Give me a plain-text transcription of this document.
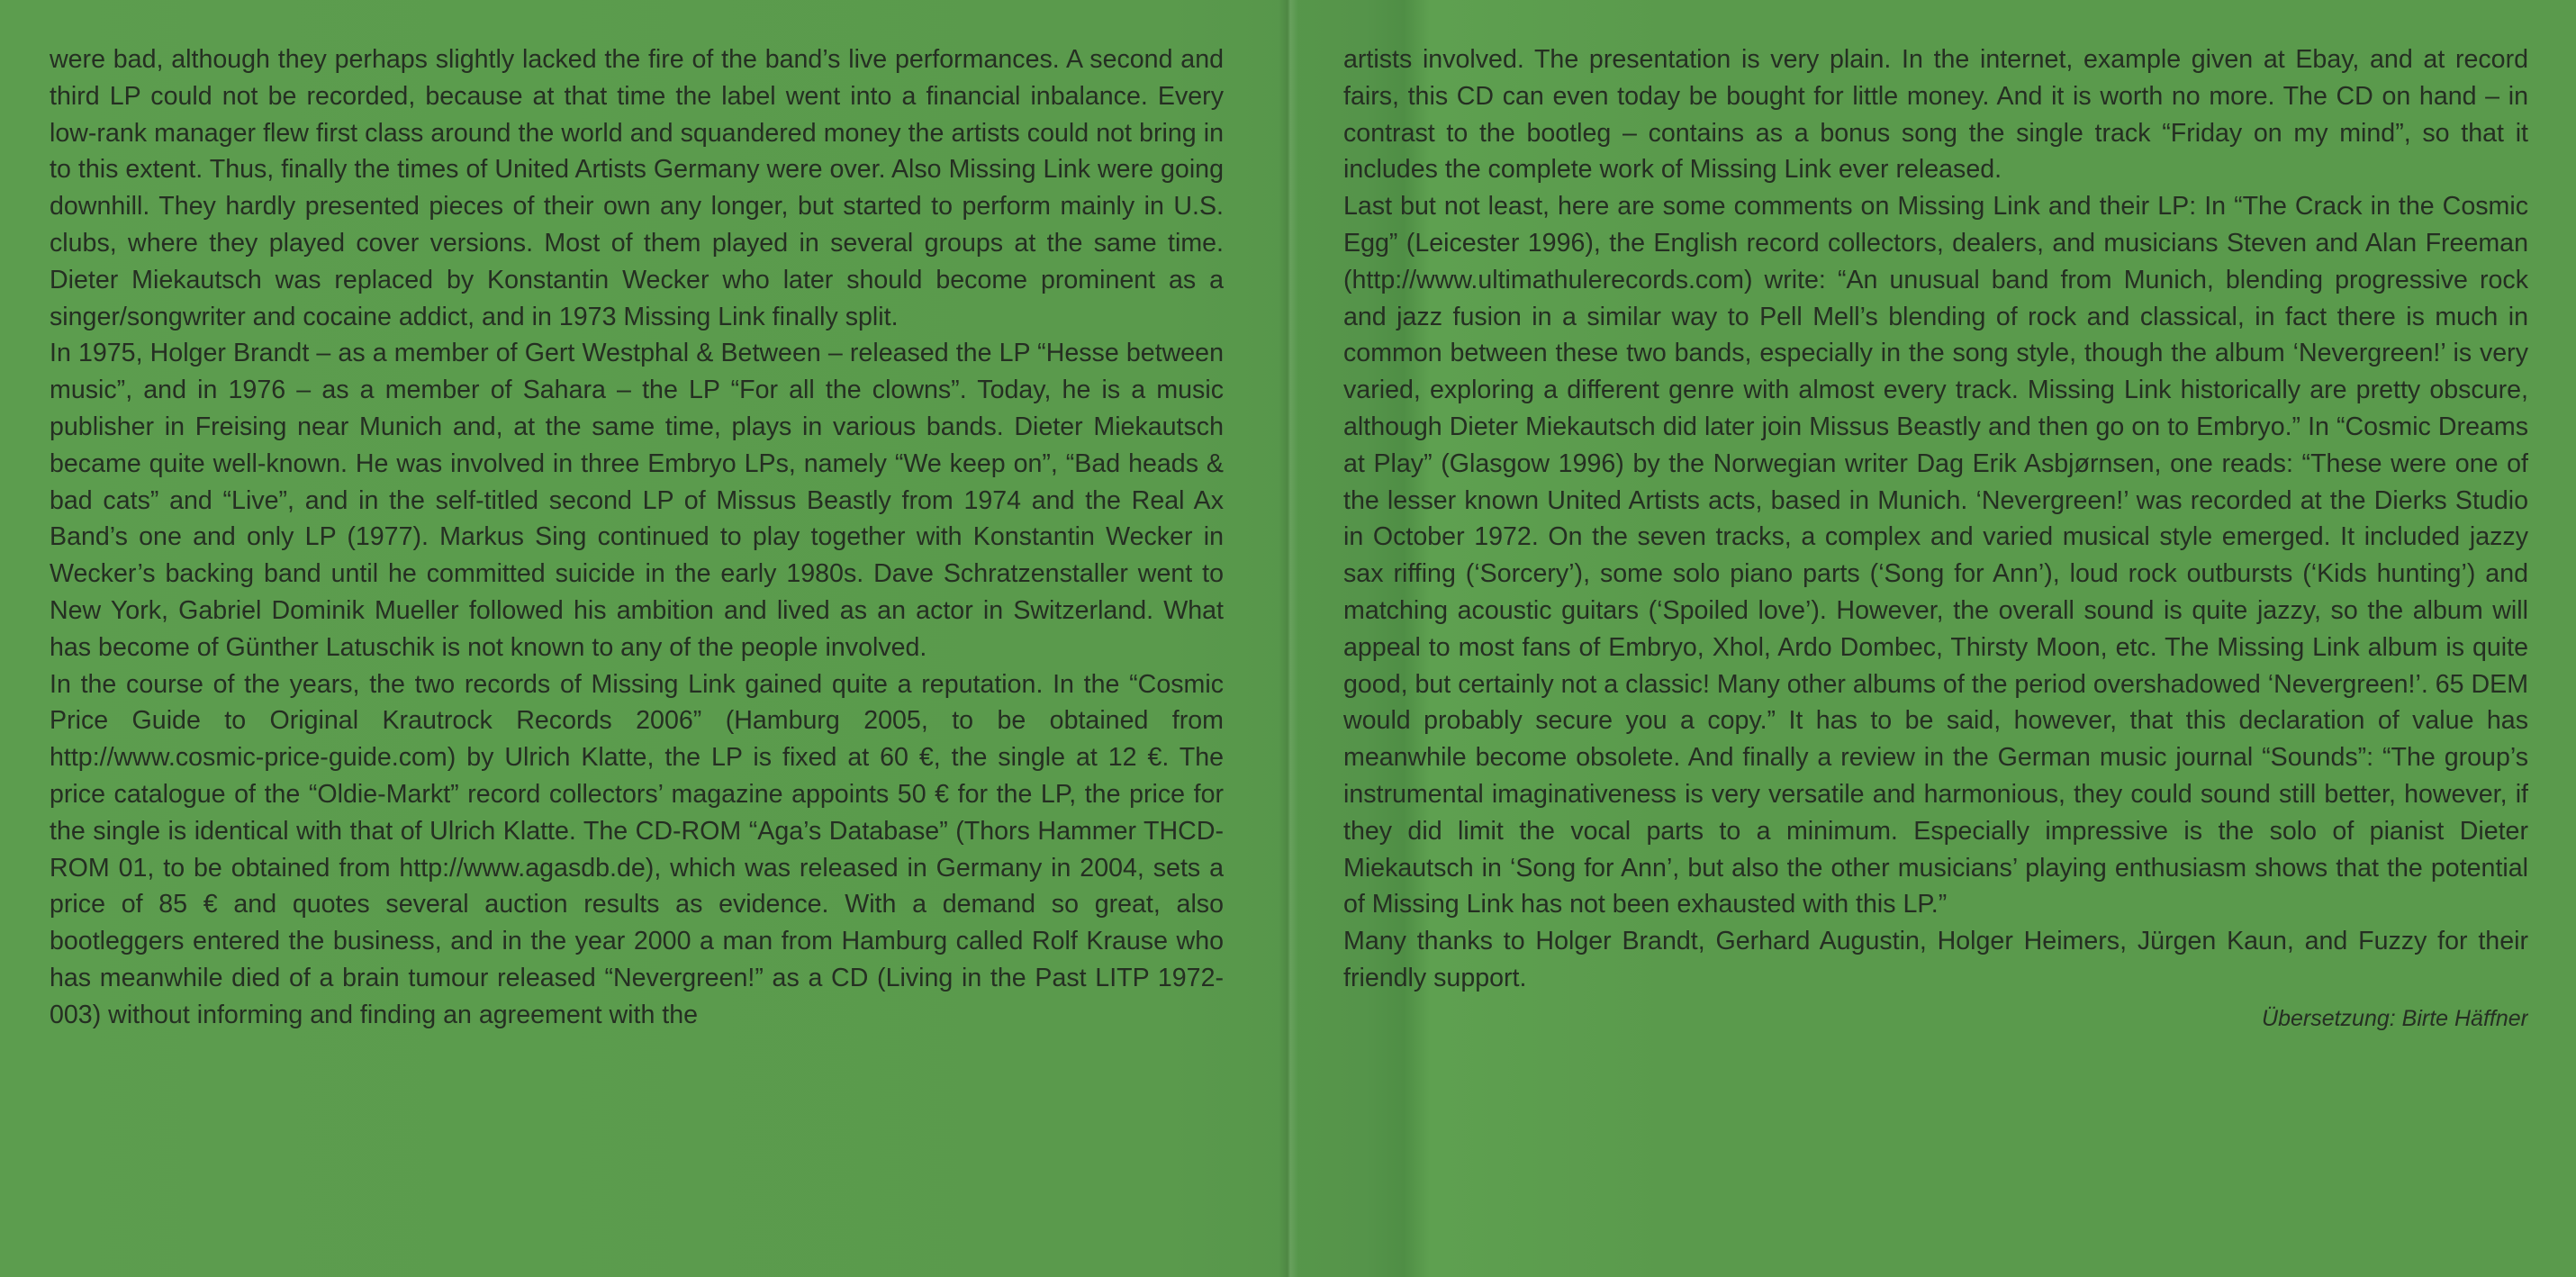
were bad, although they perhaps slightly lacked the fire of the band’s live performances. A second and third LP could not be recorded, because at that time the label went into a financial inbalance. Every low-rank manager flew first class around the world and squandered money the artists could not bring in to this extent. Thus, finally the times of United Artists Germany were over. Also Missing Link were going downhill. They hardly presented pieces of their own any longer, but started to perform mainly in U.S. clubs, where they played cover versions. Most of them played in several groups at the same time. Dieter Miekautsch was replaced by Konstantin Wecker who later should become prominent as a singer/songwriter and cocaine addict, and in 1973 Missing Link finally split.

In 1975, Holger Brandt – as a member of Gert Westphal & Between – released the LP “Hesse between music”, and in 1976 – as a member of Sahara – the LP “For all the clowns”. Today, he is a music publisher in Freising near Munich and, at the same time, plays in various bands. Dieter Miekautsch became quite well-known. He was involved in three Embryo LPs, namely “We keep on”, “Bad heads & bad cats” and “Live”, and in the self-titled second LP of Missus Beastly from 1974 and the Real Ax Band’s one and only LP (1977). Markus Sing continued to play together with Konstantin Wecker in Wecker’s backing band until he committed suicide in the early 1980s. Dave Schratzenstaller went to New York, Gabriel Dominik Mueller followed his ambition and lived as an actor in Switzerland. What has become of Günther Latuschik is not known to any of the people involved.

In the course of the years, the two records of Missing Link gained quite a reputation. In the “Cosmic Price Guide to Original Krautrock Records 2006” (Hamburg 2005, to be obtained from http://www.cosmic-price-guide.com) by Ulrich Klatte, the LP is fixed at 60 €, the single at 12 €. The price catalogue of the “Oldie-Markt” record collectors’ magazine appoints 50 € for the LP, the price for the single is identical with that of Ulrich Klatte. The CD-ROM “Aga’s Database” (Thors Hammer THCD-ROM 01, to be obtained from http://www.agasdb.de), which was released in Germany in 2004, sets a price of 85 € and quotes several auction results as evidence. With a demand so great, also bootleggers entered the business, and in the year 2000 a man from Hamburg called Rolf Krause who has meanwhile died of a brain tumour released “Nevergreen!” as a CD (Living in the Past LITP 1972-003) without informing and finding an agreement with the

artists involved. The presentation is very plain. In the internet, example given at Ebay, and at record fairs, this CD can even today be bought for little money. And it is worth no more. The CD on hand – in contrast to the bootleg – contains as a bonus song the single track “Friday on my mind”, so that it includes the complete work of Missing Link ever released.

Last but not least, here are some comments on Missing Link and their LP: In “The Crack in the Cosmic Egg” (Leicester 1996), the English record collectors, dealers, and musicians Steven and Alan Freeman (http://www.ultimathulerecords.com) write: “An unusual band from Munich, blending progressive rock and jazz fusion in a similar way to Pell Mell’s blending of rock and classical, in fact there is much in common between these two bands, especially in the song style, though the album ‘Nevergreen!’ is very varied, exploring a different genre with almost every track. Missing Link historically are pretty obscure, although Dieter Miekautsch did later join Missus Beastly and then go on to Embryo.” In “Cosmic Dreams at Play” (Glasgow 1996) by the Norwegian writer Dag Erik Asbjørnsen, one reads: “These were one of the lesser known United Artists acts, based in Munich. ‘Nevergreen!’ was recorded at the Dierks Studio in October 1972. On the seven tracks, a complex and varied musical style emerged. It included jazzy sax riffing (‘Sorcery’), some solo piano parts (‘Song for Ann’), loud rock outbursts (‘Kids hunting’) and matching acoustic guitars (‘Spoiled love’). However, the overall sound is quite jazzy, so the album will appeal to most fans of Embryo, Xhol, Ardo Dombec, Thirsty Moon, etc. The Missing Link album is quite good, but certainly not a classic! Many other albums of the period overshadowed ‘Nevergreen!’. 65 DEM would probably secure you a copy.” It has to be said, however, that this declaration of value has meanwhile become obsolete. And finally a review in the German music journal “Sounds”: “The group’s instrumental imaginativeness is very versatile and harmonious, they could sound still better, however, if they did limit the vocal parts to a minimum. Especially impressive is the solo of pianist Dieter Miekautsch in ‘Song for Ann’, but also the other musicians’ playing enthusiasm shows that the potential of Missing Link has not been exhausted with this LP.”

Many thanks to Holger Brandt, Gerhard Augustin, Holger Heimers, Jürgen Kaun, and Fuzzy for their friendly support.

Übersetzung: Birte Häffner
